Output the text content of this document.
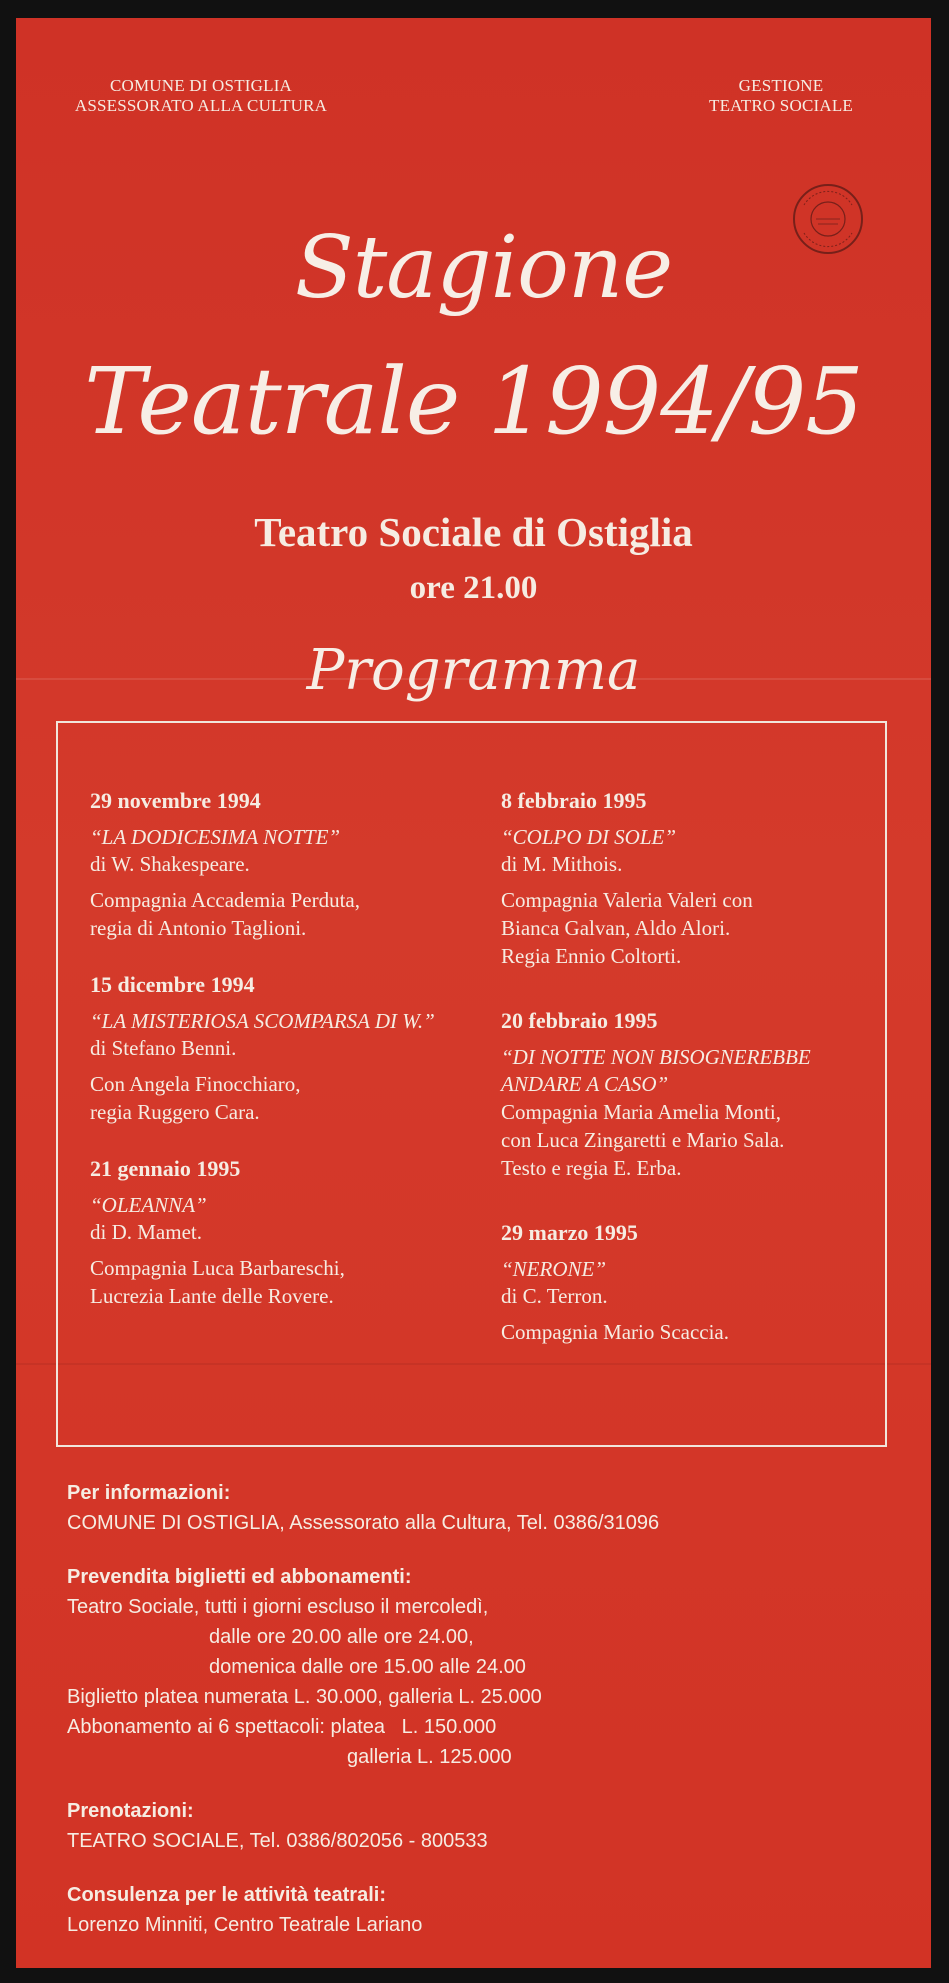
COMUNE DI OSTIGLIA
ASSESSORATO ALLA CULTURA
GESTIONE
TEATRO SOCIALE
Stagione
Teatrale 1994/95
Teatro Sociale di Ostiglia
ore 21.00
Programma
29 novembre 1994
“LA DODICESIMA NOTTE”
di W. Shakespeare.
Compagnia Accademia Perduta,
regia di Antonio Taglioni.
15 dicembre 1994
“LA MISTERIOSA SCOMPARSA DI W.”
di Stefano Benni.
Con Angela Finocchiaro,
regia Ruggero Cara.
21 gennaio 1995
“OLEANNA”
di D. Mamet.
Compagnia Luca Barbareschi,
Lucrezia Lante delle Rovere.
8 febbraio 1995
“COLPO DI SOLE”
di M. Mithois.
Compagnia Valeria Valeri con
Bianca Galvan, Aldo Alori.
Regia Ennio Coltorti.
20 febbraio 1995
“DI NOTTE NON BISOGNEREBBE ANDARE A CASO”
Compagnia Maria Amelia Monti,
con Luca Zingaretti e Mario Sala.
Testo e regia E. Erba.
29 marzo 1995
“NERONE”
di C. Terron.
Compagnia Mario Scaccia.
Per informazioni:
COMUNE DI OSTIGLIA, Assessorato alla Cultura, Tel. 0386/31096
Prevendita biglietti ed abbonamenti:
Teatro Sociale, tutti i giorni escluso il mercoledì,
dalle ore 20.00 alle ore 24.00,
domenica dalle ore 15.00 alle 24.00
Biglietto platea numerata L. 30.000, galleria L. 25.000
Abbonamento ai 6 spettacoli: platea   L. 150.000
galleria L. 125.000
Prenotazioni:
TEATRO SOCIALE, Tel. 0386/802056 - 800533
Consulenza per le attività teatrali:
Lorenzo Minniti, Centro Teatrale Lariano
